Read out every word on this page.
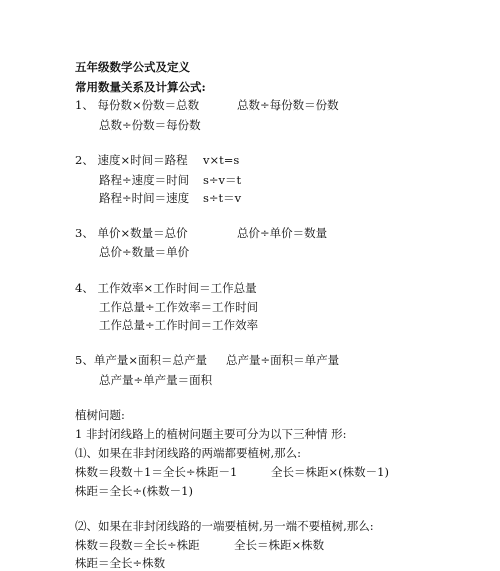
五年级数学公式及定义
常用数量关系及计算公式:
1、 每份数×份数＝总数	总数÷每份数＝份数
总数÷份数＝每份数
2、 速度×时间＝路程 v×t=s
路程÷速度＝时间 s÷v＝t
路程÷时间＝速度 s÷t＝v
3、 单价×数量＝总价	总价÷单价＝数量
总价÷数量＝单价
4、 工作效率×工作时间＝工作总量
工作总量÷工作效率＝工作时间
工作总量÷工作时间＝工作效率
5、单产量×面积＝总产量 总产量÷面积＝单产量
总产量÷单产量＝面积
植树问题:
1 非封闭线路上的植树问题主要可分为以下三种情 形:
⑴、如果在非封闭线路的两端都要植树,那么:
株数＝段数＋1＝全长÷株距－1	全长＝株距×(株数－1)
株距＝全长÷(株数－1)
⑵、如果在非封闭线路的一端要植树,另一端不要植树,那么:
株数＝段数＝全长÷株距	全长＝株距×株数
株距＝全长÷株数
